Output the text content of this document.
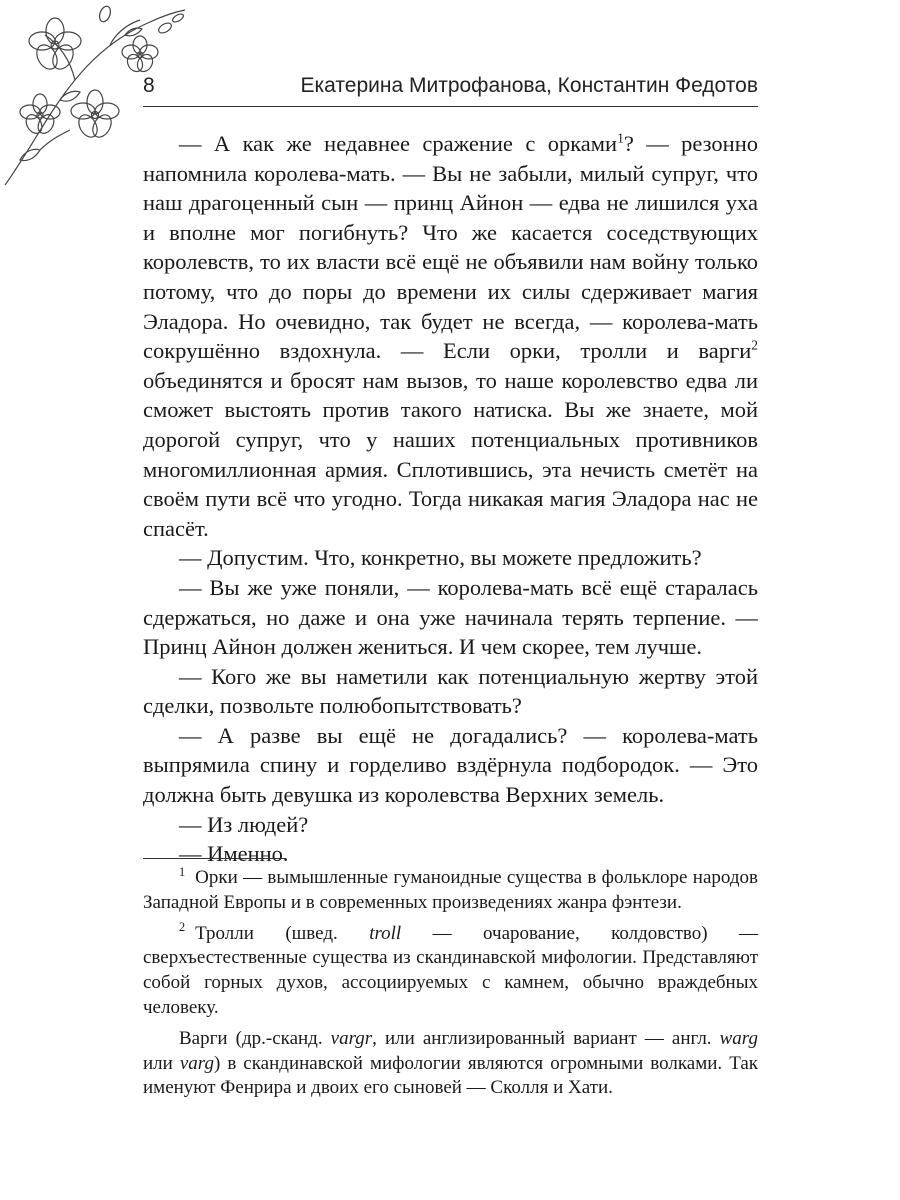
8	Екатерина Митрофанова, Константин Федотов

— А как же недавнее сражение с орками$^1$? — резонно напомнила королева-мать. — Вы не забыли, милый супруг, что наш драгоценный сын — принц Айнон — едва не лишился уха и вполне мог погибнуть? Что же касается соседствующих королевств, то их власти всё ещё не объявили нам войну только потому, что до поры до времени их силы сдерживает магия Эладора. Но очевидно, так будет не всегда, — королева-мать сокрушённо вздохнула. — Если орки, тролли и варги$^2$ объединятся и бросят нам вызов, то наше королевство едва ли сможет выстоять против такого натиска. Вы же знаете, мой дорогой супруг, что у наших потенциальных противников многомиллионная армия. Сплотившись, эта нечисть сметёт на своём пути всё что угодно. Тогда никакая магия Эладора нас не спасёт.

— Допустим. Что, конкретно, вы можете предложить?

— Вы же уже поняли, — королева-мать всё ещё старалась сдержаться, но даже и она уже начинала терять терпение. — Принц Айнон должен жениться. И чем скорее, тем лучше.

— Кого же вы наметили как потенциальную жертву этой сделки, позвольте полюбопытствовать?

— А разве вы ещё не догадались? — королева-мать выпрямила спину и горделиво вздёрнула подбородок. — Это должна быть девушка из королевства Верхних земель.

— Из людей?

— Именно.

$^1$ Орки — вымышленные гуманоидные существа в фольклоре народов Западной Европы и в современных произведениях жанра фэнтези.

$^2$ Тролли (швед. troll — очарование, колдовство) — сверхъестественные существа из скандинавской мифологии. Представляют собой горных духов, ассоциируемых с камнем, обычно враждебных человеку.

Варги (др.-сканд. vargr, или англизированный вариант — англ. warg или varg) в скандинавской мифологии являются огромными волками. Так именуют Фенрира и двоих его сыновей — Сколля и Хати.
